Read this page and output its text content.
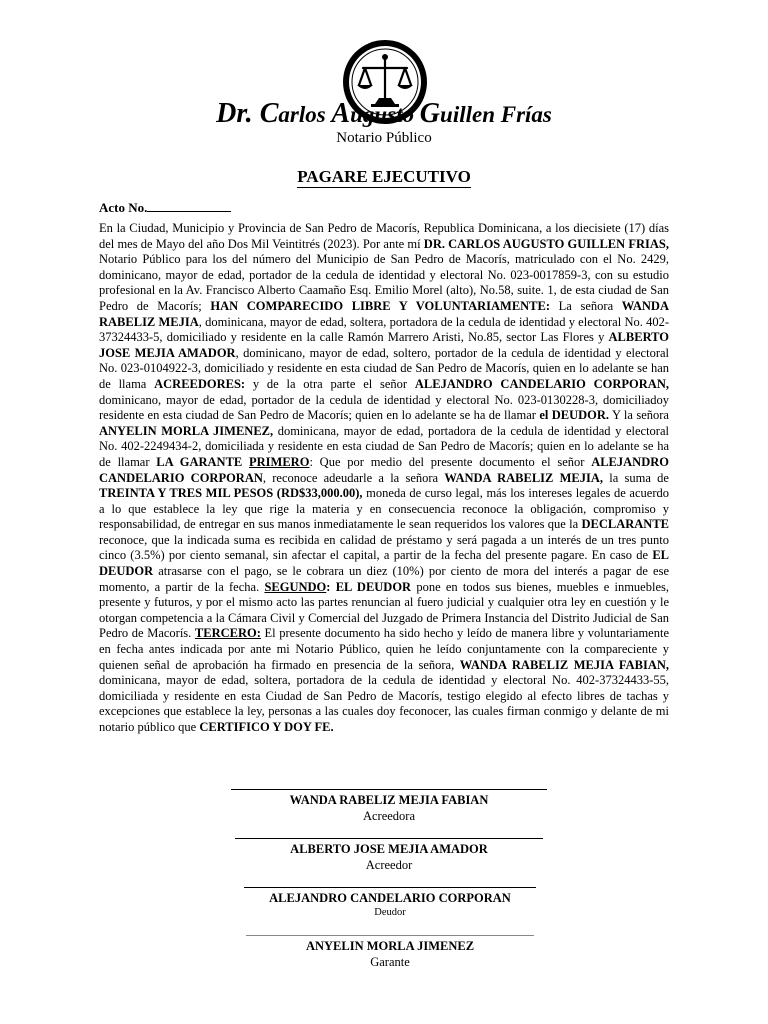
Dr. Carlos Augusto Guillen Frías
Notario Público
PAGARE EJECUTIVO
Acto No.
En la Ciudad, Municipio y Provincia de San Pedro de Macorís, Republica Dominicana, a los diecisiete (17) días del mes de Mayo del año Dos Mil Veintitrés (2023). Por ante mí DR. CARLOS AUGUSTO GUILLEN FRIAS, Notario Público para los del número del Municipio de San Pedro de Macorís, matriculado con el No. 2429, dominicano, mayor de edad, portador de la cedula de identidad y electoral No. 023-0017859-3, con su estudio profesional en la Av. Francisco Alberto Caamaño Esq. Emilio Morel (alto), No.58, suite. 1, de esta ciudad de San Pedro de Macorís; HAN COMPARECIDO LIBRE Y VOLUNTARIAMENTE: La señora WANDA RABELIZ MEJIA, dominicana, mayor de edad, soltera, portadora de la cedula de identidad y electoral No. 402-37324433-5, domiciliado y residente en la calle Ramón Marrero Aristi, No.85, sector Las Flores y ALBERTO JOSE MEJIA AMADOR, dominicano, mayor de edad, soltero, portador de la cedula de identidad y electoral No. 023-0104922-3, domiciliado y residente en esta ciudad de San Pedro de Macorís, quien en lo adelante se han de llama ACREEDORES: y de la otra parte el señor ALEJANDRO CANDELARIO CORPORAN, dominicano, mayor de edad, portador de la cedula de identidad y electoral No. 023-0130228-3, domiciliadoy residente en esta ciudad de San Pedro de Macorís; quien en lo adelante se ha de llamar el DEUDOR. Y la señora ANYELIN MORLA JIMENEZ, dominicana, mayor de edad, portadora de la cedula de identidad y electoral No. 402-2249434-2, domiciliada y residente en esta ciudad de San Pedro de Macorís; quien en lo adelante se ha de llamar LA GARANTE PRIMERO: Que por medio del presente documento el señor ALEJANDRO CANDELARIO CORPORAN, reconoce adeudarle a la señora WANDA RABELIZ MEJIA, la suma de TREINTA Y TRES MIL PESOS (RD$33,000.00), moneda de curso legal, más los intereses legales de acuerdo a lo que establece la ley que rige la materia y en consecuencia reconoce la obligación, compromiso y responsabilidad, de entregar en sus manos inmediatamente le sean requeridos los valores que la DECLARANTE reconoce, que la indicada suma es recibida en calidad de préstamo y será pagada a un interés de un tres punto cinco (3.5%) por ciento semanal, sin afectar el capital, a partir de la fecha del presente pagare. En caso de EL DEUDOR atrasarse con el pago, se le cobrara un diez (10%) por ciento de mora del interés a pagar de ese momento, a partir de la fecha. SEGUNDO: EL DEUDOR pone en todos sus bienes, muebles e inmuebles, presente y futuros, y por el mismo acto las partes renuncian al fuero judicial y cualquier otra ley en cuestión y le otorgan competencia a la Cámara Civil y Comercial del Juzgado de Primera Instancia del Distrito Judicial de San Pedro de Macorís. TERCERO: El presente documento ha sido hecho y leído de manera libre y voluntariamente en fecha antes indicada por ante mi Notario Público, quien he leído conjuntamente con la compareciente y quienen señal de aprobación ha firmado en presencia de la señora, WANDA RABELIZ MEJIA FABIAN, dominicana, mayor de edad, soltera, portadora de la cedula de identidad y electoral No. 402-37324433-55, domiciliada y residente en esta Ciudad de San Pedro de Macorís, testigo elegido al efecto libres de tachas y excepciones que establece la ley, personas a las cuales doy feconocer, las cuales firman conmigo y delante de mi notario público que CERTIFICO Y DOY FE.
WANDA RABELIZ MEJIA FABIAN
Acreedora
ALBERTO JOSE MEJIA AMADOR
Acreedor
ALEJANDRO CANDELARIO CORPORAN
Deudor
ANYELIN MORLA JIMENEZ
Garante
